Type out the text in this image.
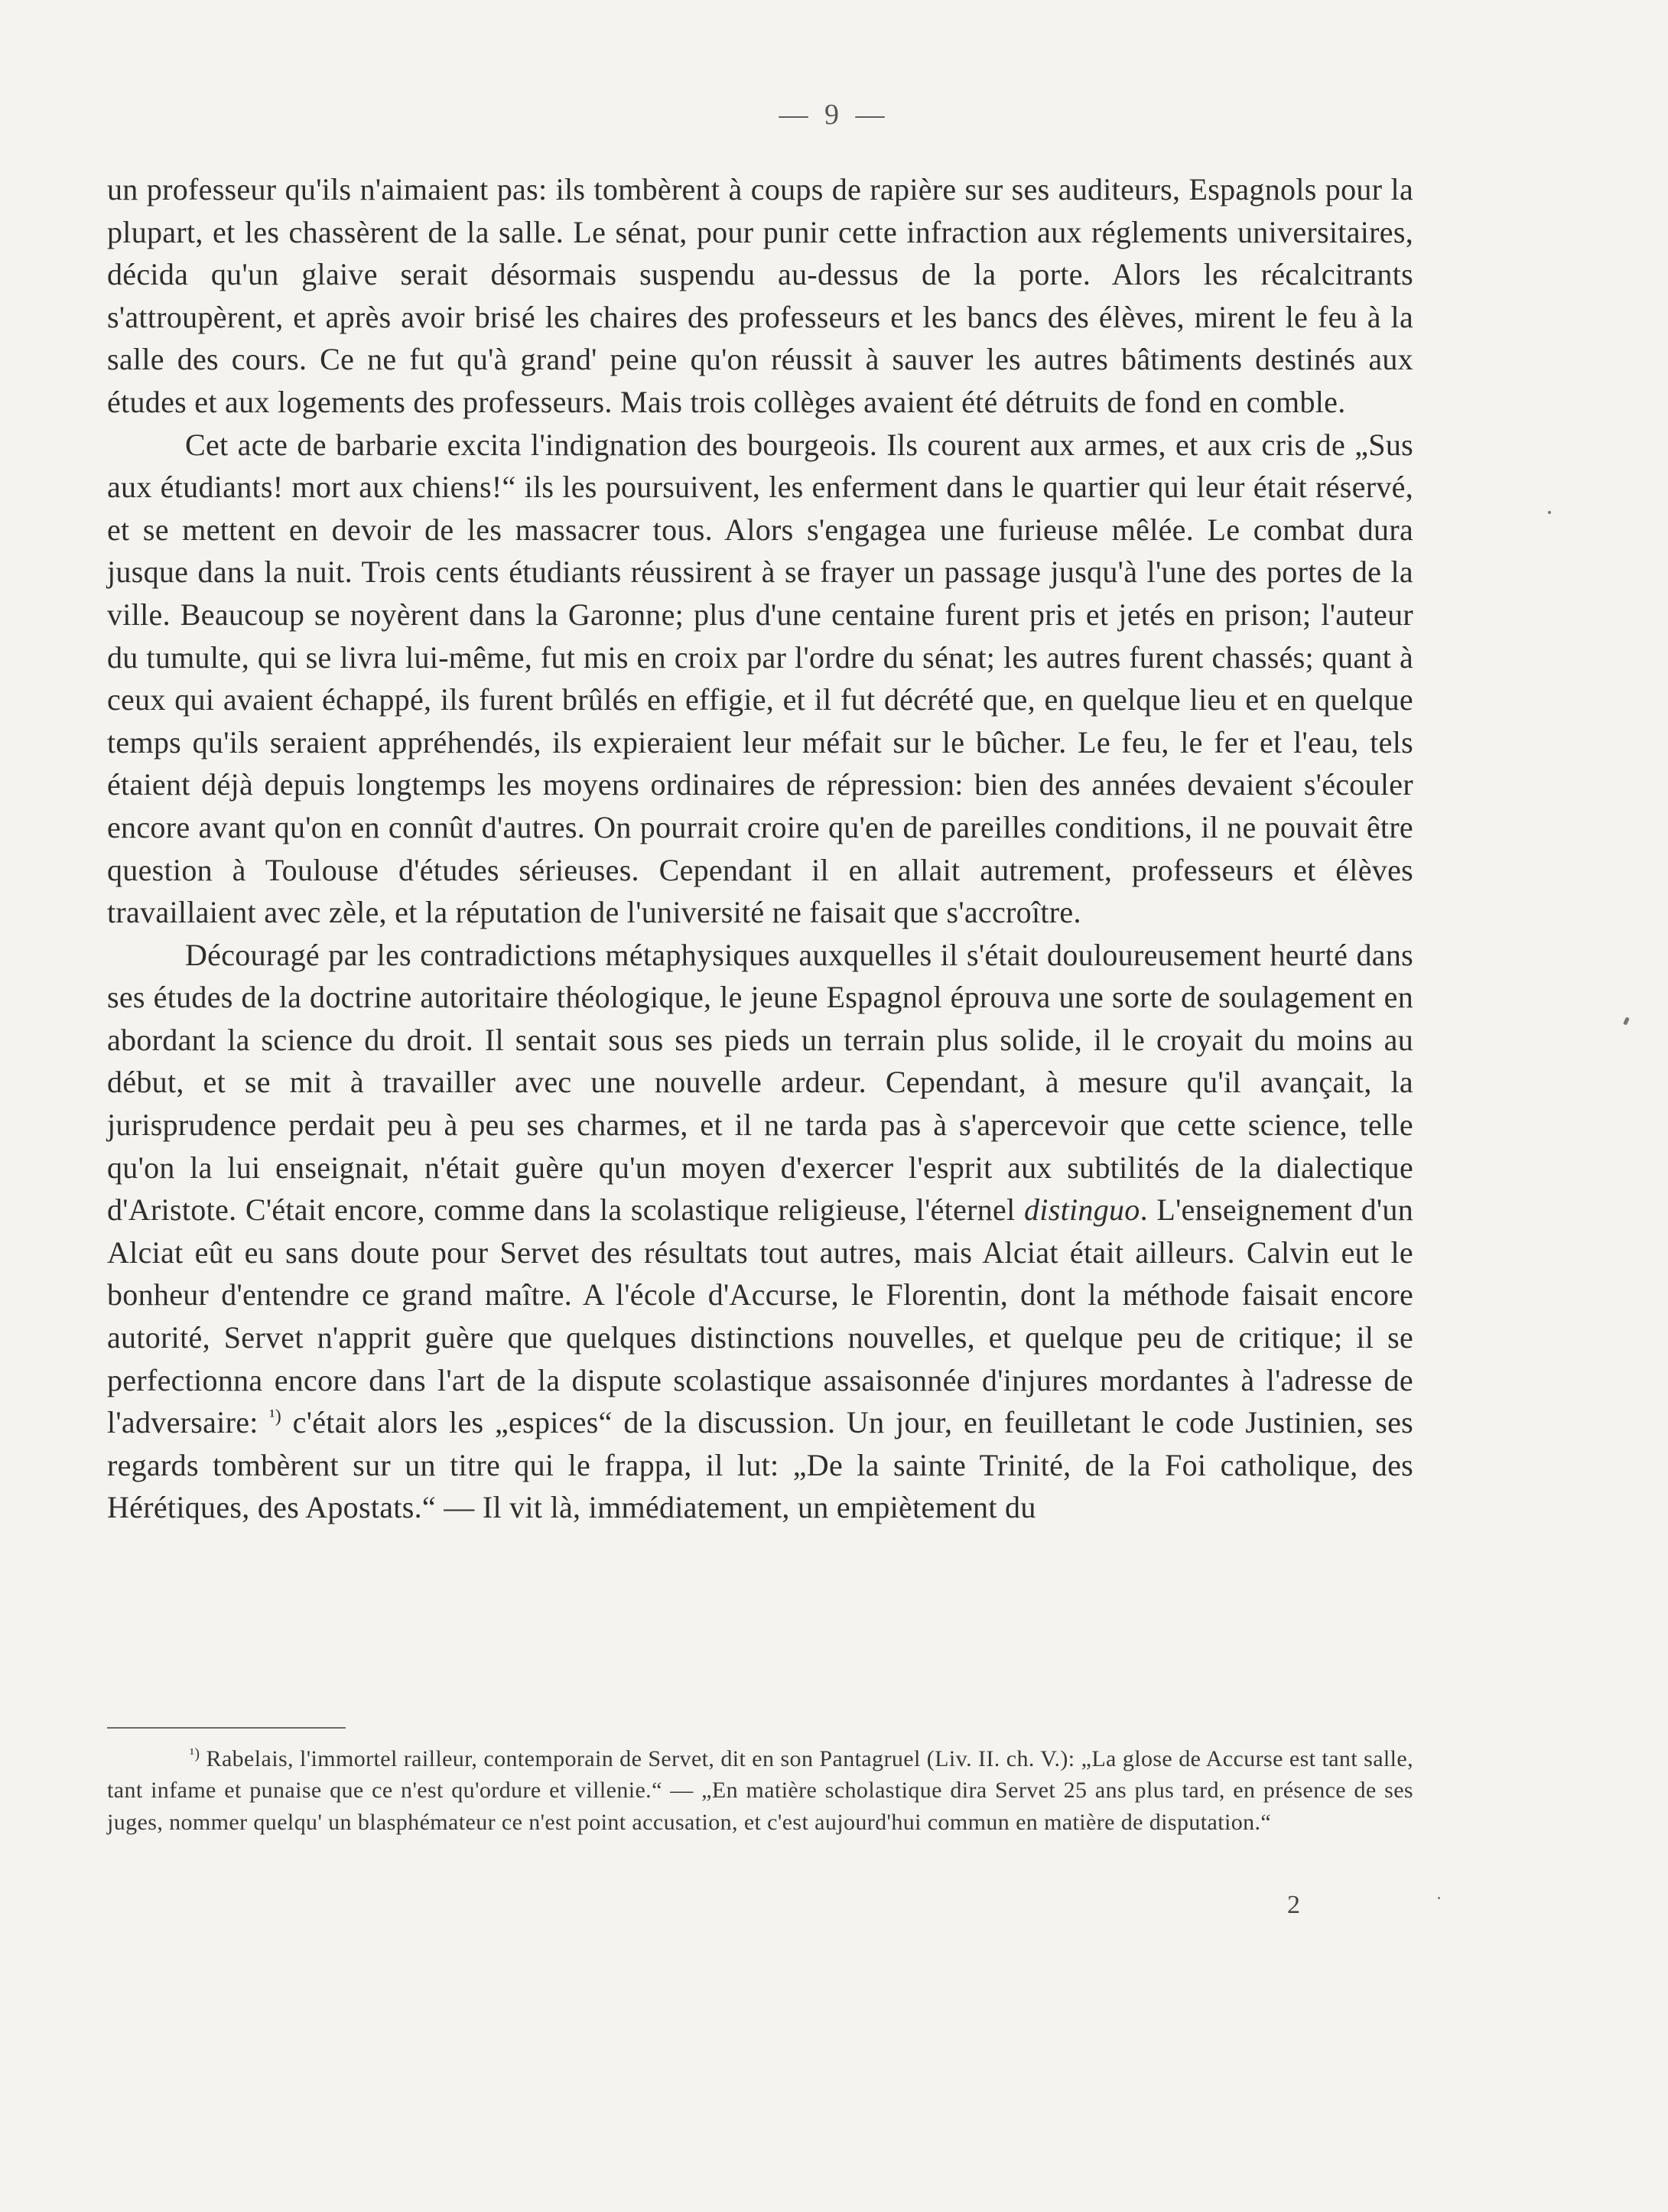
— 9 —

un professeur qu'ils n'aimaient pas: ils tombèrent à coups de rapière sur ses auditeurs, Espagnols pour la plupart, et les chassèrent de la salle. Le sénat, pour punir cette infraction aux réglements universitaires, décida qu'un glaive serait désormais suspendu au-dessus de la porte. Alors les récalcitrants s'attroupèrent, et après avoir brisé les chaires des professeurs et les bancs des élèves, mirent le feu à la salle des cours. Ce ne fut qu'à grand' peine qu'on réussit à sauver les autres bâtiments destinés aux études et aux logements des professeurs. Mais trois collèges avaient été détruits de fond en comble.

Cet acte de barbarie excita l'indignation des bourgeois. Ils courent aux armes, et aux cris de „Sus aux étudiants! mort aux chiens!“ ils les poursuivent, les enferment dans le quartier qui leur était réservé, et se mettent en devoir de les massacrer tous. Alors s'engagea une furieuse mêlée. Le combat dura jusque dans la nuit. Trois cents étudiants réussirent à se frayer un passage jusqu'à l'une des portes de la ville. Beaucoup se noyèrent dans la Garonne; plus d'une centaine furent pris et jetés en prison; l'auteur du tumulte, qui se livra lui-même, fut mis en croix par l'ordre du sénat; les autres furent chassés; quant à ceux qui avaient échappé, ils furent brûlés en effigie, et il fut décrété que, en quelque lieu et en quelque temps qu'ils seraient appréhendés, ils expieraient leur méfait sur le bûcher. Le feu, le fer et l'eau, tels étaient déjà depuis longtemps les moyens ordinaires de répression: bien des années devaient s'écouler encore avant qu'on en connût d'autres. On pourrait croire qu'en de pareilles conditions, il ne pouvait être question à Toulouse d'études sérieuses. Cependant il en allait autrement, professeurs et élèves travaillaient avec zèle, et la réputation de l'université ne faisait que s'accroître.

Découragé par les contradictions métaphysiques auxquelles il s'était douloureusement heurté dans ses études de la doctrine autoritaire théologique, le jeune Espagnol éprouva une sorte de soulagement en abordant la science du droit. Il sentait sous ses pieds un terrain plus solide, il le croyait du moins au début, et se mit à travailler avec une nouvelle ardeur. Cependant, à mesure qu'il avançait, la jurisprudence perdait peu à peu ses charmes, et il ne tarda pas à s'apercevoir que cette science, telle qu'on la lui enseignait, n'était guère qu'un moyen d'exercer l'esprit aux subtilités de la dialectique d'Aristote. C'était encore, comme dans la scolastique religieuse, l'éternel distinguo. L'enseignement d'un Alciat eût eu sans doute pour Servet des résultats tout autres, mais Alciat était ailleurs. Calvin eut le bonheur d'entendre ce grand maître. A l'école d'Accurse, le Florentin, dont la méthode faisait encore autorité, Servet n'apprit guère que quelques distinctions nouvelles, et quelque peu de critique; il se perfectionna encore dans l'art de la dispute scolastique assaisonnée d'injures mordantes à l'adresse de l'adversaire: $^{^1)}$ c'était alors les „espices“ de la discussion. Un jour, en feuilletant le code Justinien, ses regards tombèrent sur un titre qui le frappa, il lut: „De la sainte Trinité, de la Foi catholique, des Hérétiques, des Apostats.“ — Il vit là, immédiatement, un empiètement du

$^{^1)}$ Rabelais, l'immortel railleur, contemporain de Servet, dit en son Pantagruel (Liv. II. ch. V.): „La glose de Accurse est tant salle, tant infame et punaise que ce n'est qu'ordure et villenie.“ — „En matière scholastique dira Servet 25 ans plus tard, en présence de ses juges, nommer quelqu' un blasphémateur ce n'est point accusation, et c'est aujourd'hui commun en matière de disputation.“

2
